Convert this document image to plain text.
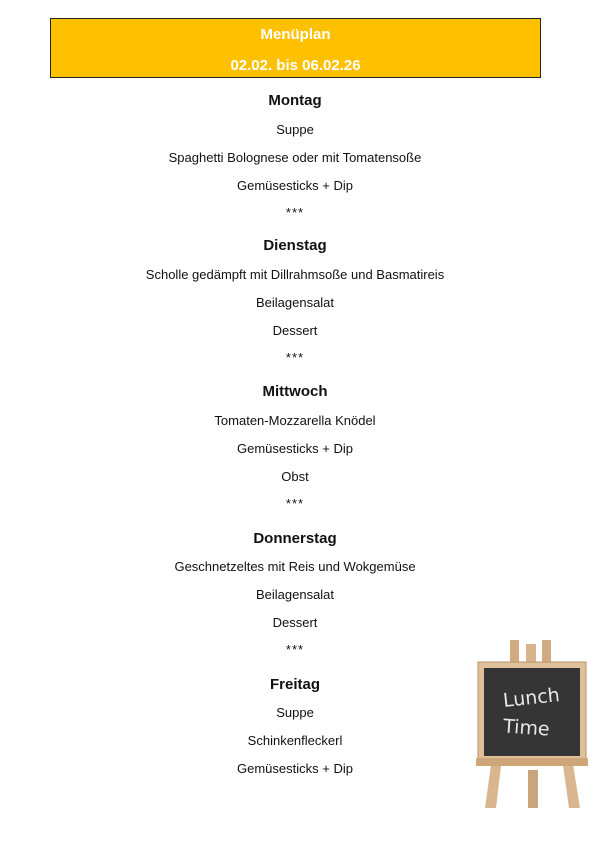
Menüplan
02.02. bis 06.02.26
Montag
Suppe
Spaghetti Bolognese oder mit Tomatensoße
Gemüsesticks + Dip
***
Dienstag
Scholle gedämpft mit Dillrahmsoße und Basmatireis
Beilagensalat
Dessert
***
Mittwoch
Tomaten-Mozzarella Knödel
Gemüsesticks + Dip
Obst
***
Donnerstag
Geschnetzeltes mit Reis und Wokgemüse
Beilagensalat
Dessert
***
Freitag
Suppe
Schinkenfleckerl
Gemüsesticks + Dip
Lunch
Time
